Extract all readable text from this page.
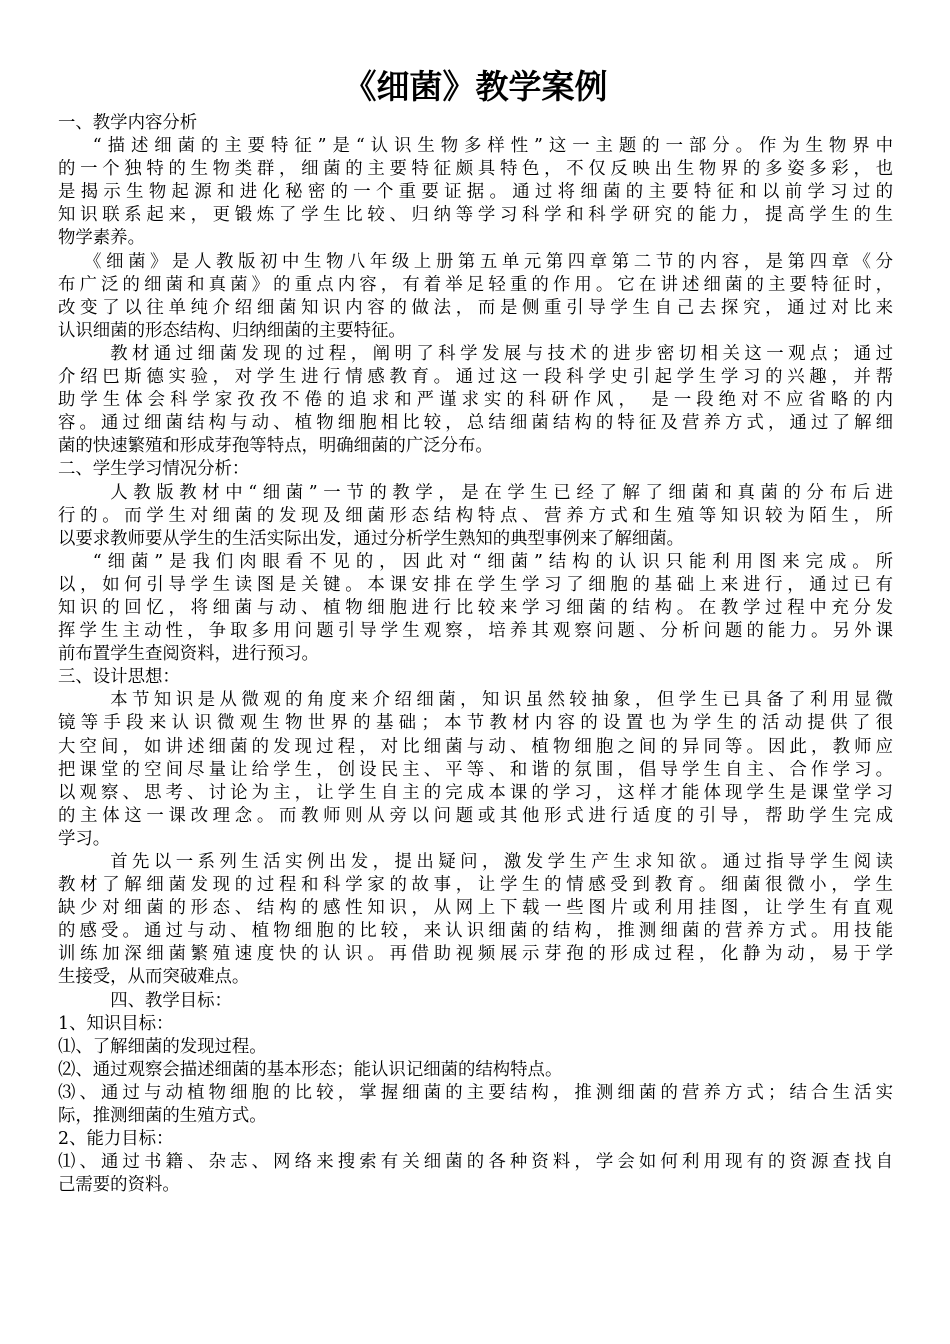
《细菌》教学案例

一、教学内容分析

“描述细菌的主要特征”是“认识生物多样性”这一主题的一部分。作为生物界中

的一个独特的生物类群，细菌的主要特征颇具特色，不仅反映出生物界的多姿多彩，也

是揭示生物起源和进化秘密的一个重要证据。通过将细菌的主要特征和以前学习过的

知识联系起来，更锻炼了学生比较、归纳等学习科学和科学研究的能力，提高学生的生

物学素养。

《细菌》是人教版初中生物八年级上册第五单元第四章第二节的内容，是第四章《分

布广泛的细菌和真菌》的重点内容，有着举足轻重的作用。它在讲述细菌的主要特征时，

改变了以往单纯介绍细菌知识内容的做法，而是侧重引导学生自己去探究，通过对比来

认识细菌的形态结构、归纳细菌的主要特征。

教材通过细菌发现的过程，阐明了科学发展与技术的进步密切相关这一观点；通过

介绍巴斯德实验，对学生进行情感教育。通过这一段科学史引起学生学习的兴趣，并帮

助学生体会科学家孜孜不倦的追求和严谨求实的科研作风， 是一段绝对不应省略的内

容。通过细菌结构与动、植物细胞相比较，总结细菌结构的特征及营养方式，通过了解细

菌的快速繁殖和形成芽孢等特点，明确细菌的广泛分布。

二、学生学习情况分析：

人教版教材中“细菌”一节的教学，是在学生已经了解了细菌和真菌的分布后进

行的。而学生对细菌的发现及细菌形态结构特点、营养方式和生殖等知识较为陌生，所

以要求教师要从学生的生活实际出发，通过分析学生熟知的典型事例来了解细菌。

“细菌”是我们肉眼看不见的，因此对“细菌”结构的认识只能利用图来完成。所

以，如何引导学生读图是关键。本课安排在学生学习了细胞的基础上来进行，通过已有

知识的回忆，将细菌与动、植物细胞进行比较来学习细菌的结构。在教学过程中充分发

挥学生主动性，争取多用问题引导学生观察，培养其观察问题、分析问题的能力。另外课

前布置学生查阅资料，进行预习。

三、设计思想：

本节知识是从微观的角度来介绍细菌，知识虽然较抽象，但学生已具备了利用显微

镜等手段来认识微观生物世界的基础；本节教材内容的设置也为学生的活动提供了很

大空间，如讲述细菌的发现过程，对比细菌与动、植物细胞之间的异同等。因此，教师应

把课堂的空间尽量让给学生，创设民主、平等、和谐的氛围，倡导学生自主、合作学习。

以观察、思考、讨论为主，让学生自主的完成本课的学习，这样才能体现学生是课堂学习

的主体这一课改理念。而教师则从旁以问题或其他形式进行适度的引导，帮助学生完成

学习。

首先以一系列生活实例出发，提出疑问，激发学生产生求知欲。通过指导学生阅读

教材了解细菌发现的过程和科学家的故事，让学生的情感受到教育。细菌很微小，学生

缺少对细菌的形态、结构的感性知识，从网上下载一些图片或利用挂图，让学生有直观

的感受。通过与动、植物细胞的比较，来认识细菌的结构，推测细菌的营养方式。用技能

训练加深细菌繁殖速度快的认识。再借助视频展示芽孢的形成过程，化静为动，易于学

生接受，从而突破难点。

四、教学目标：

1、知识目标：

⑴、了解细菌的发现过程。

⑵、通过观察会描述细菌的基本形态；能认识记细菌的结构特点。

⑶、通过与动植物细胞的比较，掌握细菌的主要结构，推测细菌的营养方式；结合生活实

际，推测细菌的生殖方式。

2、能力目标：

⑴、通过书籍、杂志、网络来搜索有关细菌的各种资料，学会如何利用现有的资源查找自

己需要的资料。
